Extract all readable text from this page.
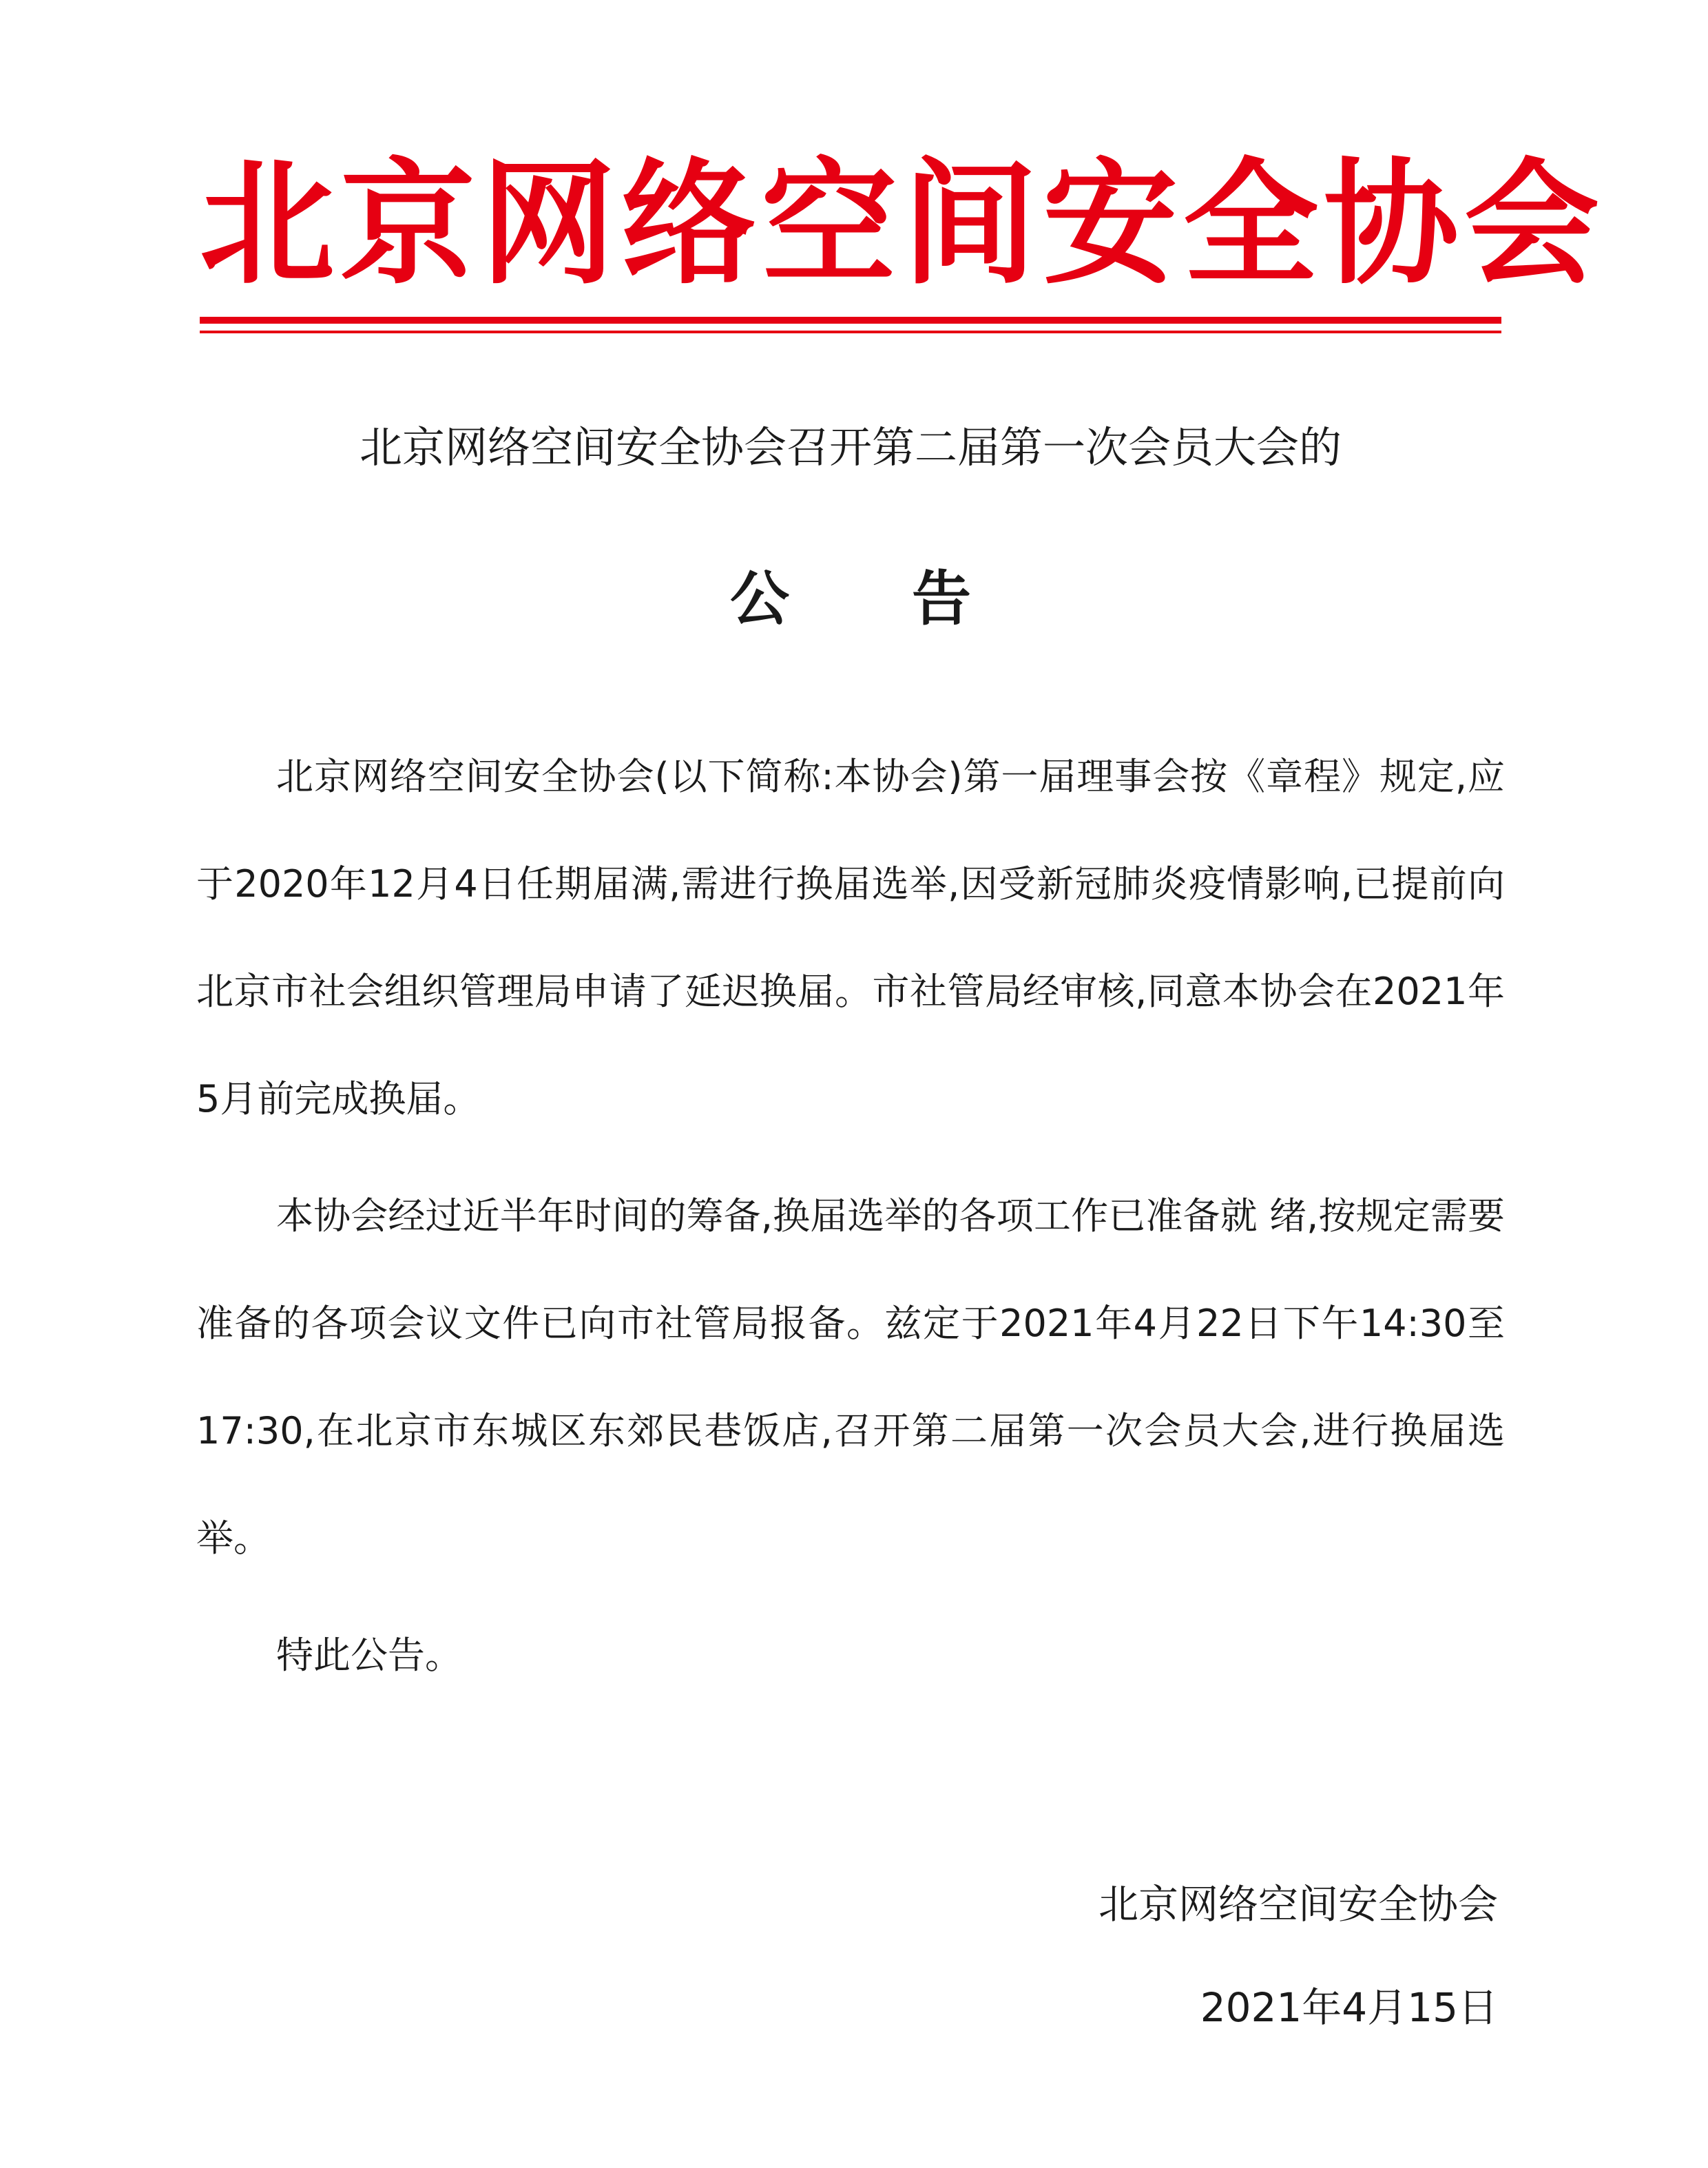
北京网络空间安全协会
北京网络空间安全协会召开第二届第一次会员大会的
公告

北京网络空间安全协会(以下简称:本协会)第一届理事会按《章程》规定,应于2020年12月4日任期届满,需进行换届选举,因受新冠肺炎疫情影响,已提前向北京市社会组织管理局申请了延迟换届。市社管局经审核,同意本协会在2021年5月前完成换届。

本协会经过近半年时间的筹备,换届选举的各项工作已准备就 绪,按规定需要准备的各项会议文件已向市社管局报备。兹定于2021年4月22日下午14:30至17:30,在北京市东城区东郊民巷饭店,召开第二届第一次会员大会,进行换届选举。

特此公告。

北京网络空间安全协会
2021年4月15日
